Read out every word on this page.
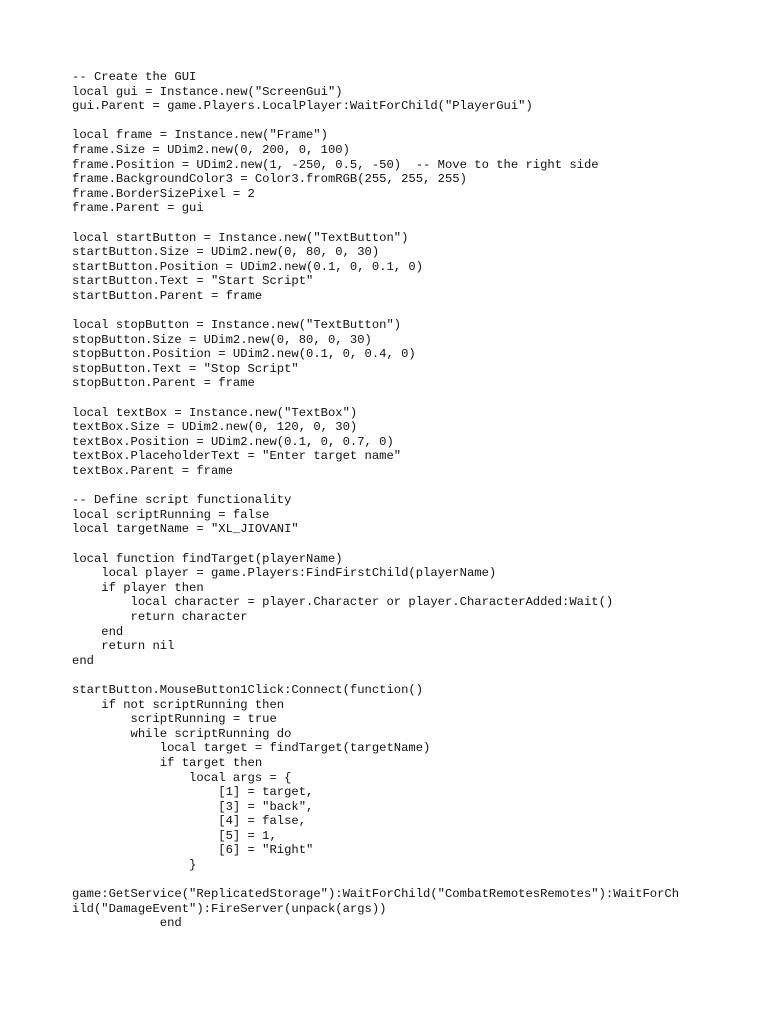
-- Create the GUI
local gui = Instance.new("ScreenGui")
gui.Parent = game.Players.LocalPlayer:WaitForChild("PlayerGui")
local frame = Instance.new("Frame")
frame.Size = UDim2.new(0, 200, 0, 100)
frame.Position = UDim2.new(1, -250, 0.5, -50)  -- Move to the right side
frame.BackgroundColor3 = Color3.fromRGB(255, 255, 255)
frame.BorderSizePixel = 2
frame.Parent = gui
local startButton = Instance.new("TextButton")
startButton.Size = UDim2.new(0, 80, 0, 30)
startButton.Position = UDim2.new(0.1, 0, 0.1, 0)
startButton.Text = "Start Script"
startButton.Parent = frame
local stopButton = Instance.new("TextButton")
stopButton.Size = UDim2.new(0, 80, 0, 30)
stopButton.Position = UDim2.new(0.1, 0, 0.4, 0)
stopButton.Text = "Stop Script"
stopButton.Parent = frame
local textBox = Instance.new("TextBox")
textBox.Size = UDim2.new(0, 120, 0, 30)
textBox.Position = UDim2.new(0.1, 0, 0.7, 0)
textBox.PlaceholderText = "Enter target name"
textBox.Parent = frame
-- Define script functionality
local scriptRunning = false
local targetName = "XL_JIOVANI"
local function findTarget(playerName)
local player = game.Players:FindFirstChild(playerName)
if player then
local character = player.Character or player.CharacterAdded:Wait()
return character
end
return nil
end
startButton.MouseButton1Click:Connect(function()
if not scriptRunning then
scriptRunning = true
while scriptRunning do
local target = findTarget(targetName)
if target then
local args = {
[1] = target,
[3] = "back",
[4] = false,
[5] = 1,
[6] = "Right"
}
game:GetService("ReplicatedStorage"):WaitForChild("CombatRemotesRemotes"):WaitForCh
ild("DamageEvent"):FireServer(unpack(args))
end
